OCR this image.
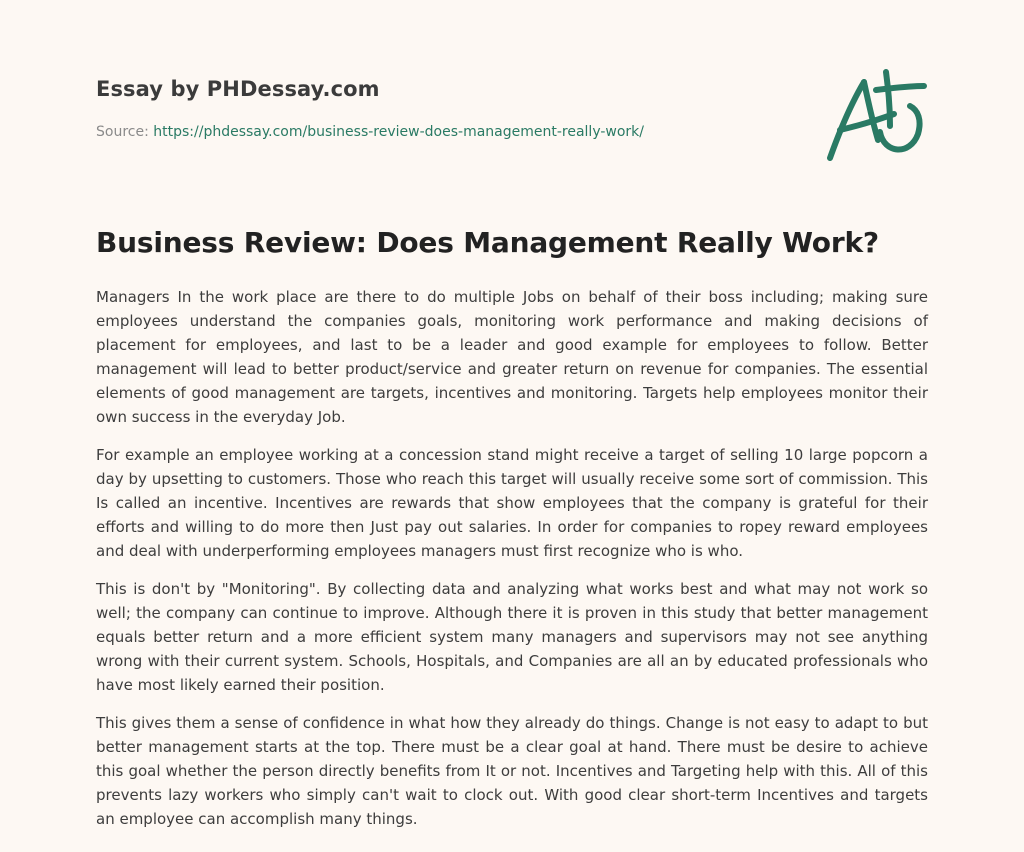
Essay by PHDessay.com
Source: https://phdessay.com/business-review-does-management-really-work/
Business Review: Does Management Really Work?

Managers In the work place are there to do multiple Jobs on behalf of their boss including; making sure employees understand the companies goals, monitoring work performance and making decisions of placement for employees, and last to be a leader and good example for employees to follow. Better management will lead to better product/service and greater return on revenue for companies. The essential elements of good management are targets, incentives and monitoring. Targets help employees monitor their own success in the everyday Job.

For example an employee working at a concession stand might receive a target of selling 10 large popcorn a day by upsetting to customers. Those who reach this target will usually receive some sort of commission. This Is called an incentive. Incentives are rewards that show employees that the company is grateful for their efforts and willing to do more then Just pay out salaries. In order for companies to ropey reward employees and deal with underperforming employees managers must first recognize who is who.

This is don't by "Monitoring". By collecting data and analyzing what works best and what may not work so well; the company can continue to improve. Although there it is proven in this study that better management equals better return and a more efficient system many managers and supervisors may not see anything wrong with their current system. Schools, Hospitals, and Companies are all an by educated professionals who have most likely earned their position.

This gives them a sense of confidence in what how they already do things. Change is not easy to adapt to but better management starts at the top. There must be a clear goal at hand. There must be desire to achieve this goal whether the person directly benefits from It or not. Incentives and Targeting help with this. All of this prevents lazy workers who simply can't wait to clock out. With good clear short-term Incentives and targets an employee can accomplish many things.
